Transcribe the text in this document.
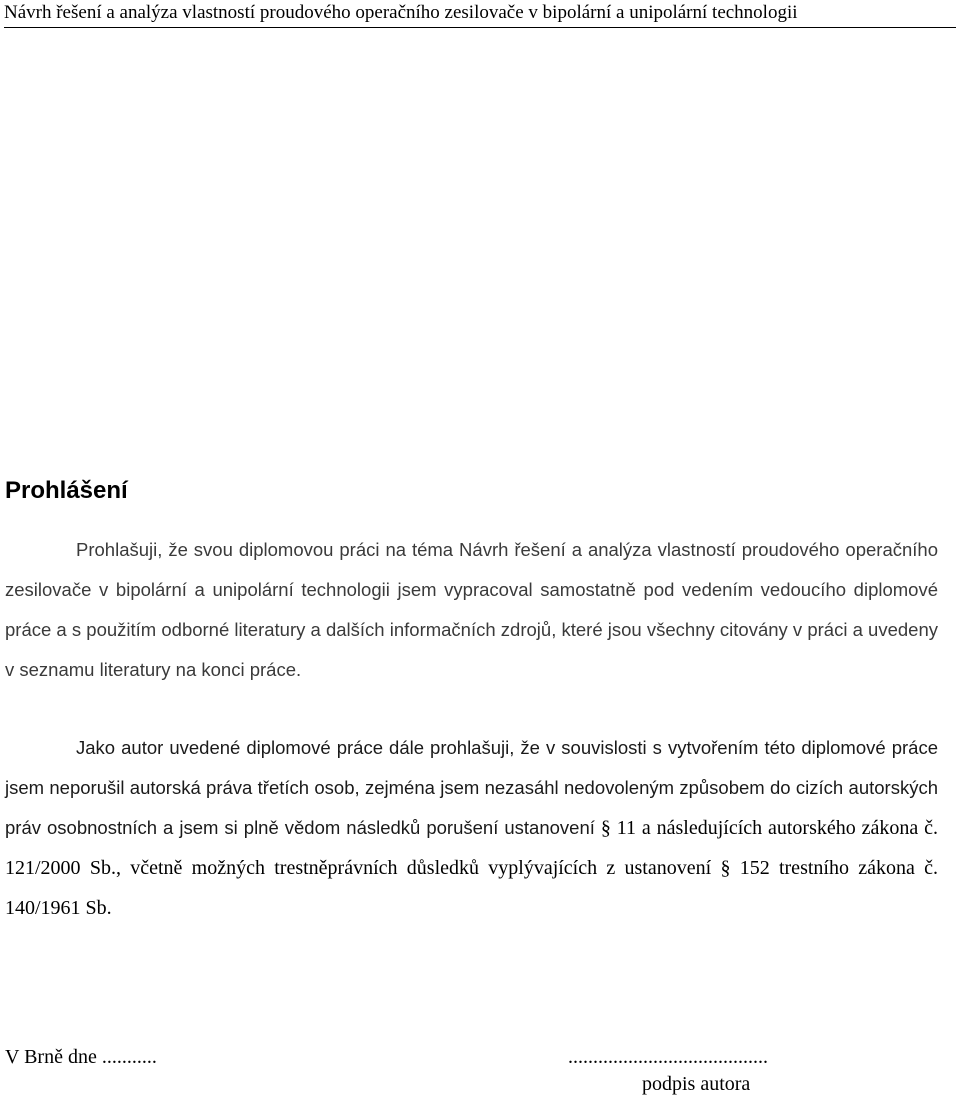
Návrh řešení a analýza vlastností proudového operačního zesilovače v bipolární a unipolární technologii
Prohlášení

Prohlašuji, že svou diplomovou práci na téma Návrh řešení a analýza vlastností proudového operačního zesilovače v bipolární a unipolární technologii jsem vypracoval samostatně pod vedením vedoucího diplomové práce a s použitím odborné literatury a dalších informačních zdrojů, které jsou všechny citovány v práci a uvedeny v seznamu literatury na konci práce.

Jako autor uvedené diplomové práce dále prohlašuji, že v souvislosti s vytvořením této diplomové práce jsem neporušil autorská práva třetích osob, zejména jsem nezasáhl nedovoleným způsobem do cizích autorských práv osobnostních a jsem si plně vědom následků porušení ustanovení § 11 a následujících autorského zákona č. 121/2000 Sb., včetně možných trestněprávních důsledků vyplývajících z ustanovení § 152 trestního zákona č. 140/1961 Sb.

V Brně dne ...........	........................................
podpis autora
